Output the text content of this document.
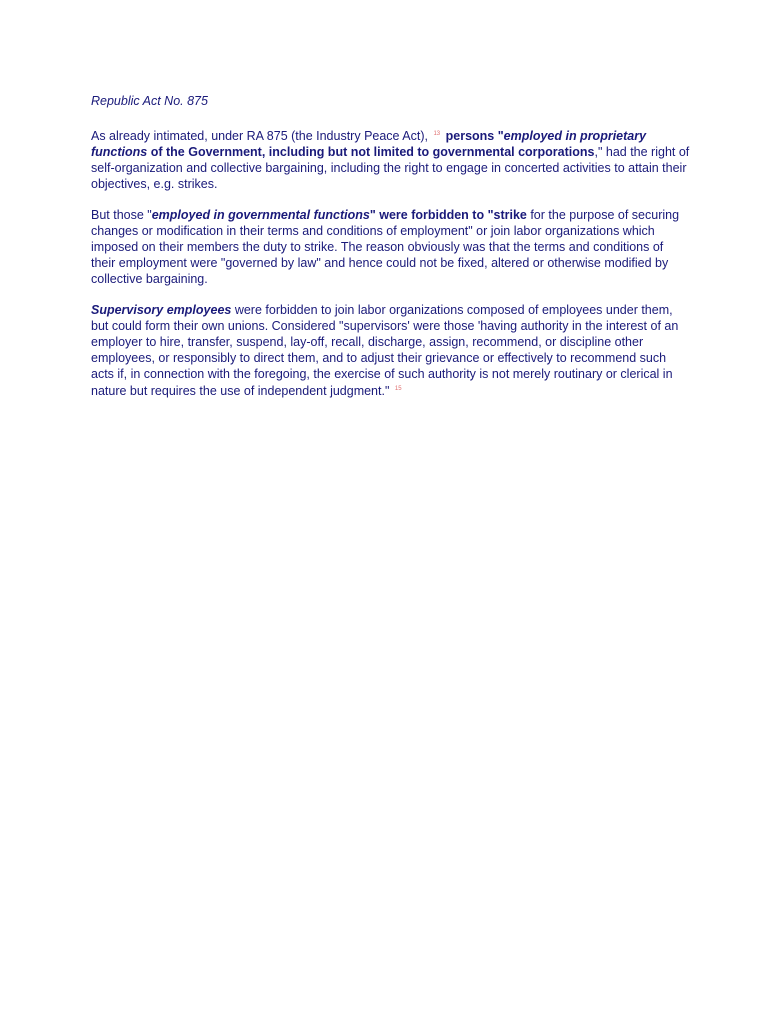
Republic Act No. 875

As already intimated, under RA 875 (the Industry Peace Act), $^{13}$ persons "employed in proprietary functions of the Government, including but not limited to governmental corporations," had the right of self-organization and collective bargaining, including the right to engage in concerted activities to attain their objectives, e.g. strikes.

But those "employed in governmental functions" were forbidden to "strike for the purpose of securing changes or modification in their terms and conditions of employment" or join labor organizations which imposed on their members the duty to strike. The reason obviously was that the terms and conditions of their employment were "governed by law" and hence could not be fixed, altered or otherwise modified by collective bargaining.

Supervisory employees were forbidden to join labor organizations composed of employees under them, but could form their own unions. Considered "supervisors' were those 'having authority in the interest of an employer to hire, transfer, suspend, lay-off, recall, discharge, assign, recommend, or discipline other employees, or responsibly to direct them, and to adjust their grievance or effectively to recommend such acts if, in connection with the foregoing, the exercise of such authority is not merely routinary or clerical in nature but requires the use of independent judgment." $^{15}$
